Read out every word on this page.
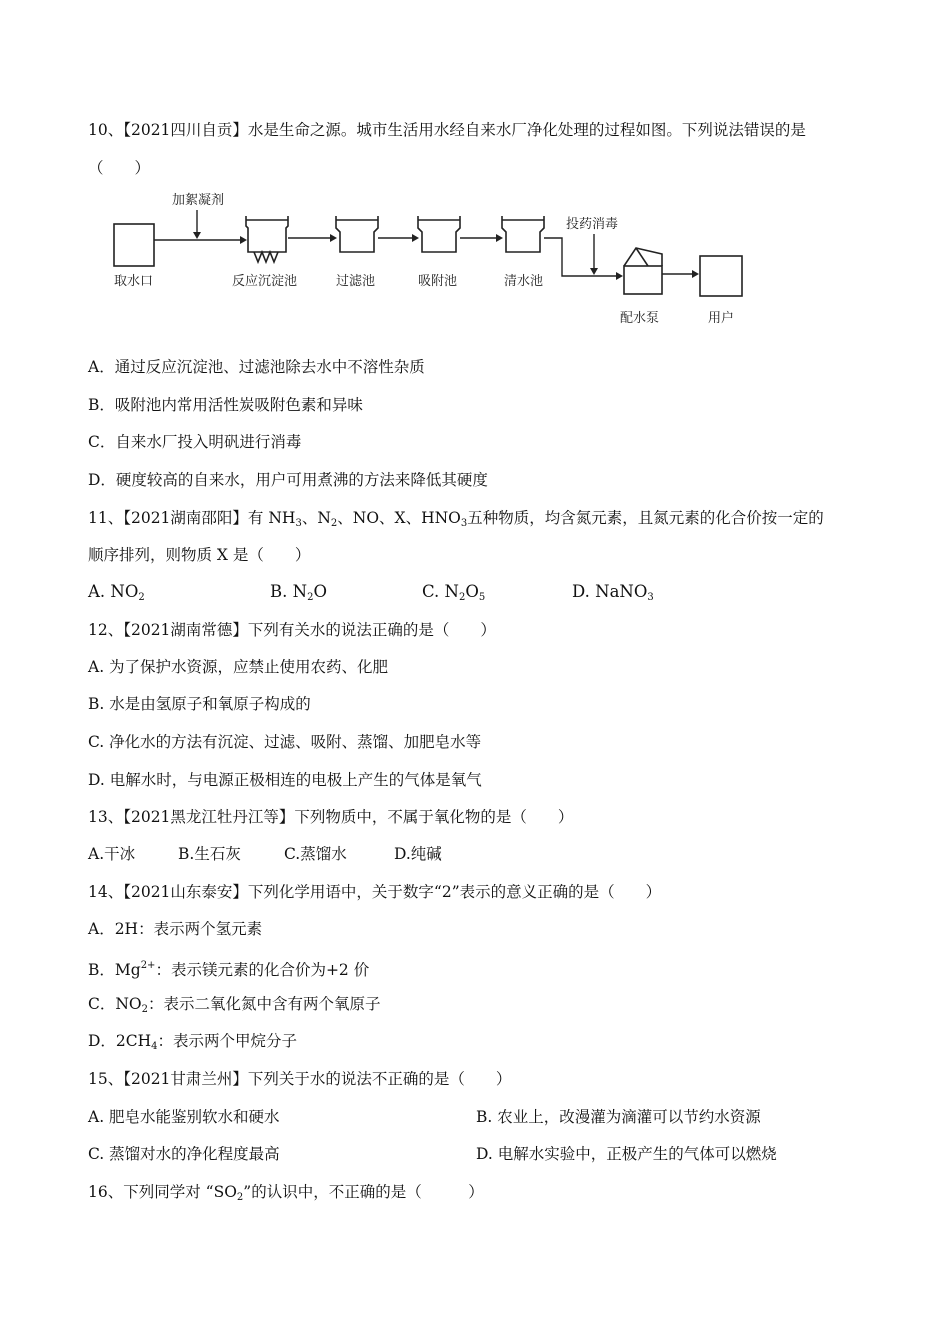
10、【2021四川自贡】水是生命之源。城市生活用水经自来水厂净化处理的过程如图。下列说法错误的是
（　　）
加絮凝剂
投药消毒
取水口	反应沉淀池	过滤池	吸附池	清水池
配水泵	用户
A．通过反应沉淀池、过滤池除去水中不溶性杂质
B．吸附池内常用活性炭吸附色素和异味
C．自来水厂投入明矾进行消毒
D．硬度较高的自来水，用户可用煮沸的方法来降低其硬度
11、【2021湖南邵阳】有 $NH_3$、$N_2$、NO、X、$HNO_3$五种物质，均含氮元素，且氮元素的化合价按一定的
顺序排列，则物质 X 是（　　）
A. $NO_2$	B. $N_2O$	C. $N_2O_5$	D. NaNO$_3$
12、【2021湖南常德】下列有关水的说法正确的是（　　）
A. 为了保护水资源，应禁止使用农药、化肥
B. 水是由氢原子和氧原子构成的
C. 净化水的方法有沉淀、过滤、吸附、蒸馏、加肥皂水等
D. 电解水时，与电源正极相连的电极上产生的气体是氧气
13、【2021黑龙江牡丹江等】下列物质中，不属于氧化物的是（　　）
A.干冰	B.生石灰	C.蒸馏水	D.纯碱
14、【2021山东泰安】下列化学用语中，关于数字“2”表示的意义正确的是（　　）
A．2H：表示两个氢元素
B．$Mg^{2+}$：表示镁元素的化合价为+2 价
C．$NO_2$：表示二氧化氮中含有两个氧原子
D．$2CH_4$：表示两个甲烷分子
15、【2021甘肃兰州】下列关于水的说法不正确的是（　　）
A. 肥皂水能鉴别软水和硬水	B. 农业上，改漫灌为滴灌可以节约水资源
C. 蒸馏对水的净化程度最高	D. 电解水实验中，正极产生的气体可以燃烧
16、下列同学对 “$SO_2$”的认识中，不正确的是（　　　）
